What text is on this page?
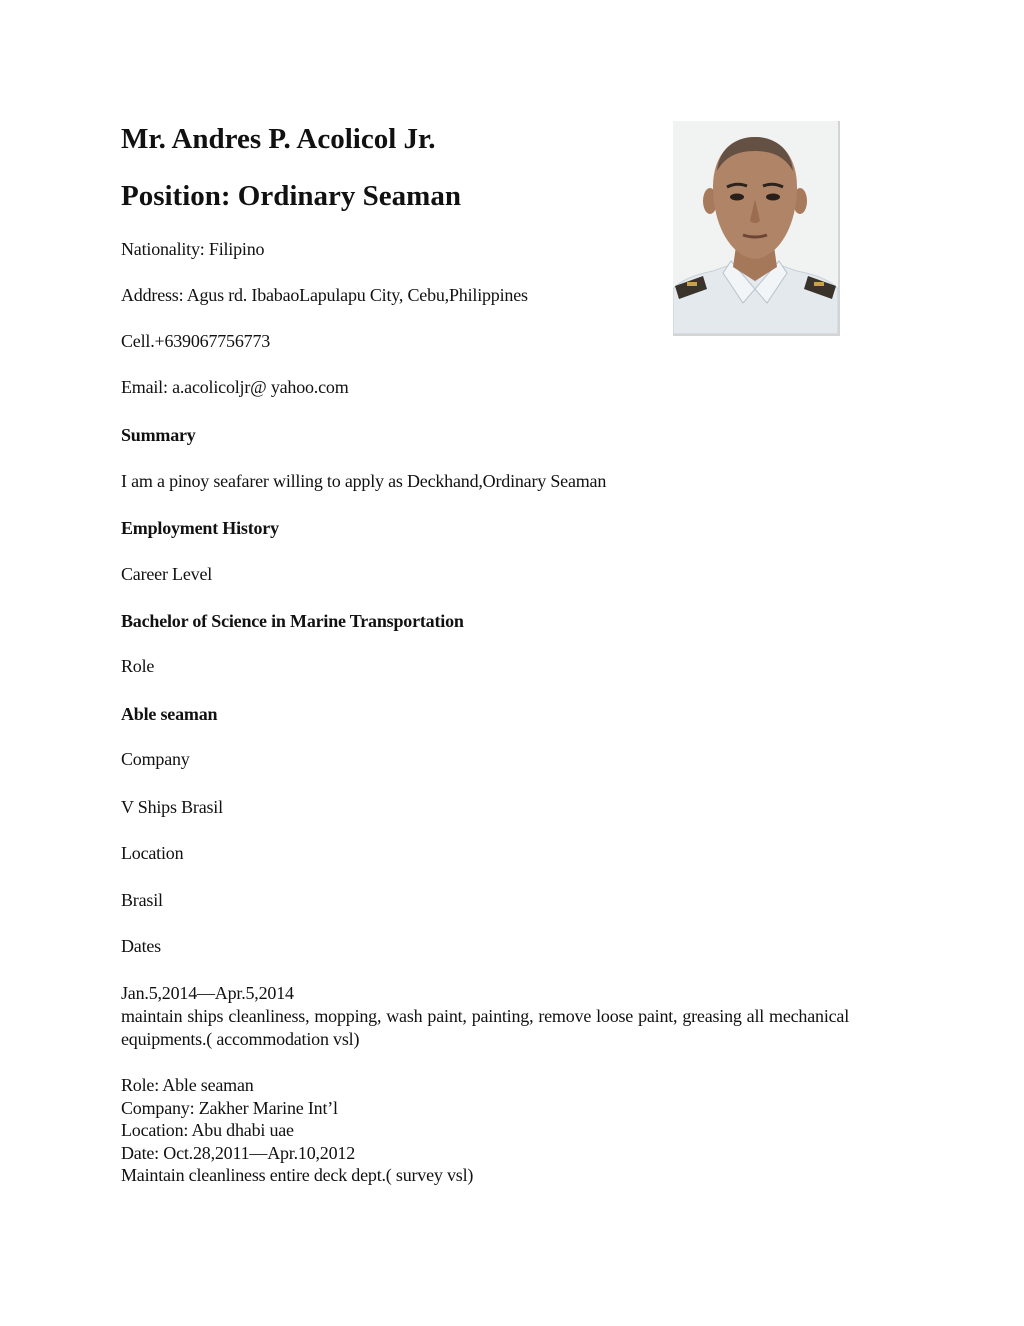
Mr. Andres P. Acolicol Jr.
Position: Ordinary Seaman
Nationality: Filipino
Address: Agus rd. IbabaoLapulapu City, Cebu,Philippines
Cell.+639067756773
Email: a.acolicoljr@ yahoo.com
Summary
I am a pinoy seafarer willing to apply as Deckhand,Ordinary Seaman
Employment History
Career Level
Bachelor of Science in Marine Transportation
Role
Able seaman
Company
V Ships Brasil
Location
Brasil
Dates
Jan.5,2014—Apr.5,2014
maintain ships cleanliness, mopping, wash paint, painting, remove loose paint, greasing all mechanical equipments.( accommodation vsl)
Role: Able seaman
Company: Zakher Marine Int’l
Location: Abu dhabi uae
Date: Oct.28,2011—Apr.10,2012
Maintain cleanliness entire deck dept.( survey vsl)
